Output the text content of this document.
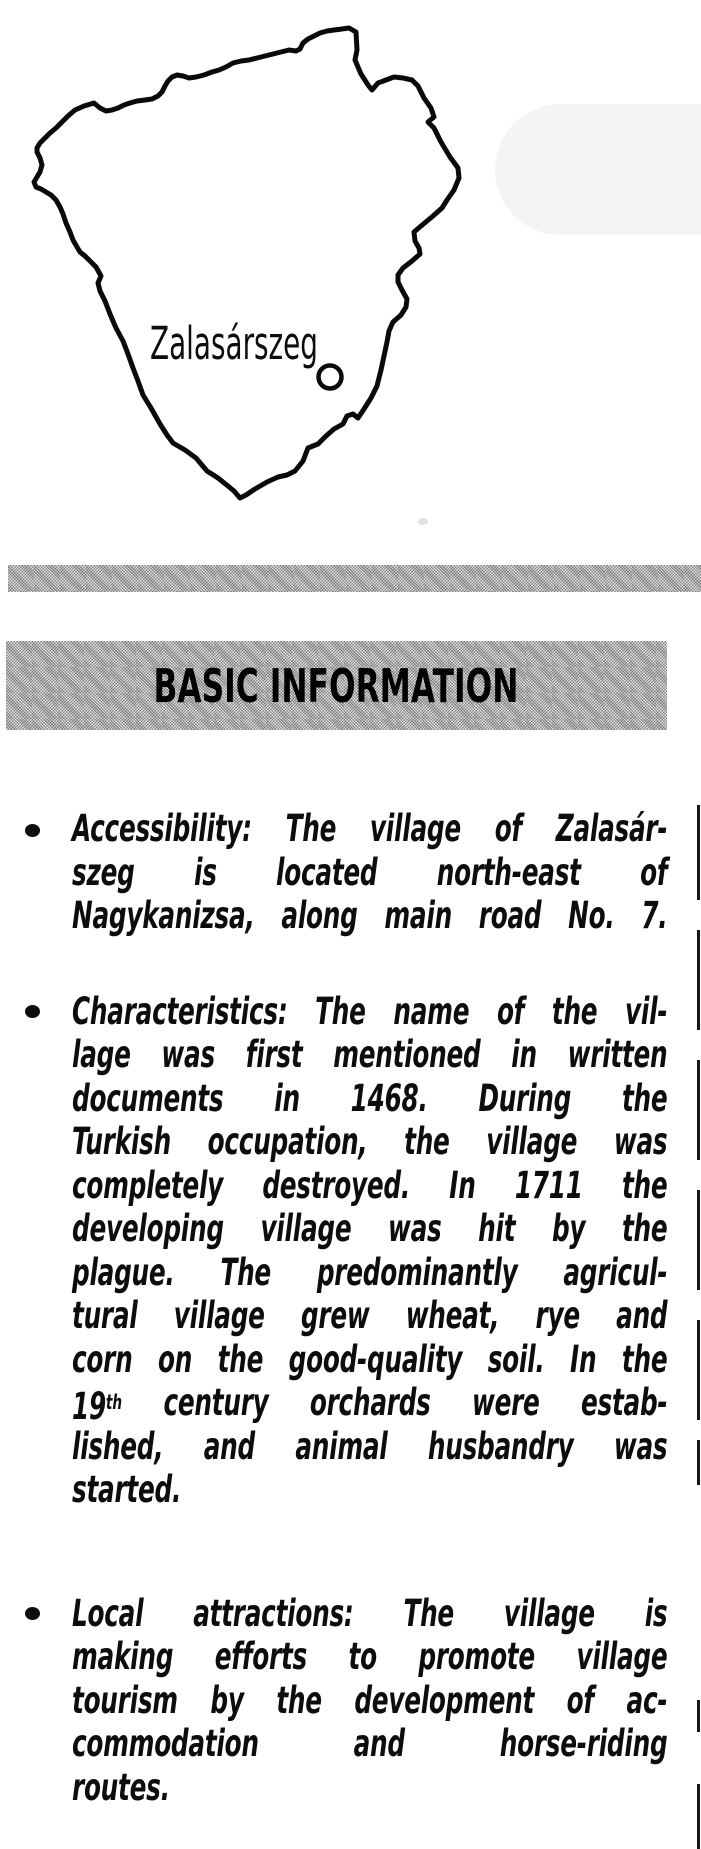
Zalasárszeg
BASIC INFORMATION
Accessibility: The village of Zalasár-
szeg is located north-east of
Nagykanizsa, along main road No. 7.
Characteristics: The name of the vil-
lage was first mentioned in written
documents in 1468. During the
Turkish occupation, the village was
completely destroyed. In 1711 the
developing village was hit by the
plague. The predominantly agricul-
tural village grew wheat, rye and
corn on the good-quality soil. In the
19th century orchards were estab-
lished, and animal husbandry was
started.
Local attractions: The village is
making efforts to promote village
tourism by the development of ac-
commodation	and	horse-riding
routes.
